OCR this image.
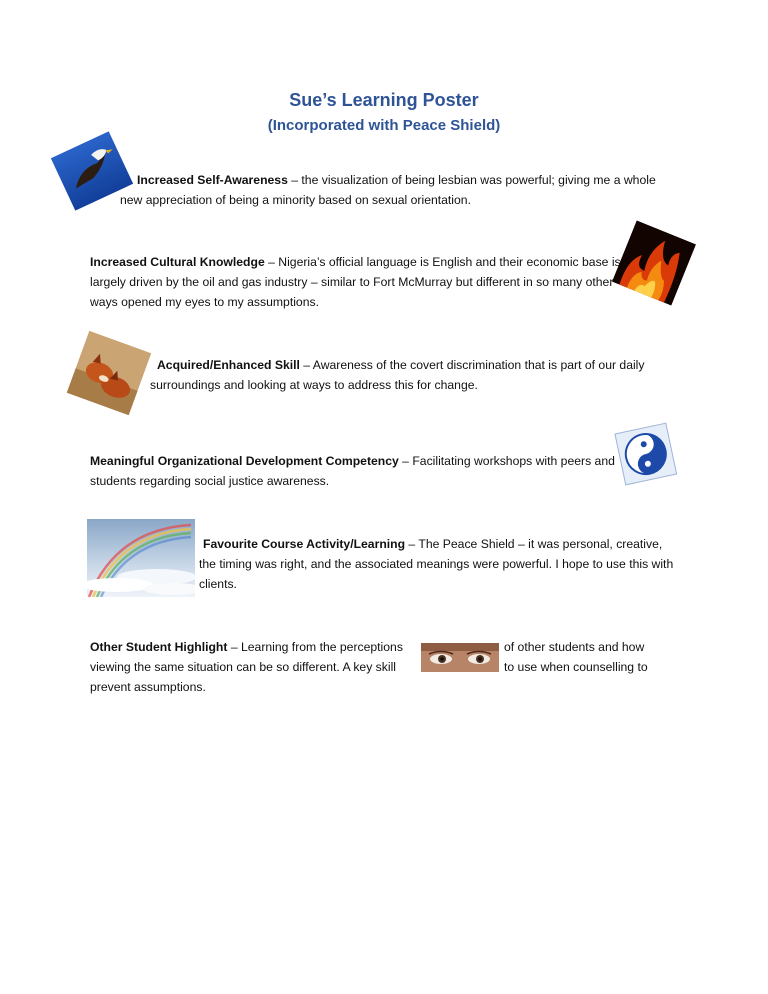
Sue’s Learning Poster
(Incorporated with Peace Shield)

Increased Self-Awareness – the visualization of being lesbian was powerful; giving me a whole new appreciation of being a minority based on sexual orientation.

Increased Cultural Knowledge – Nigeria’s official language is English and their economic base is largely driven by the oil and gas industry – similar to Fort McMurray but different in so many other ways opened my eyes to my assumptions.

Acquired/Enhanced Skill – Awareness of the covert discrimination that is part of our daily surroundings and looking at ways to address this for change.

Meaningful Organizational Development Competency – Facilitating workshops with peers and students regarding social justice awareness.

Favourite Course Activity/Learning – The Peace Shield – it was personal, creative, the timing was right, and the associated meanings were powerful. I hope to use this with clients.

Other Student Highlight – Learning from the perceptions	of other students and how
viewing the same situation can be so different. A key skill	to use when counselling to
prevent assumptions.
